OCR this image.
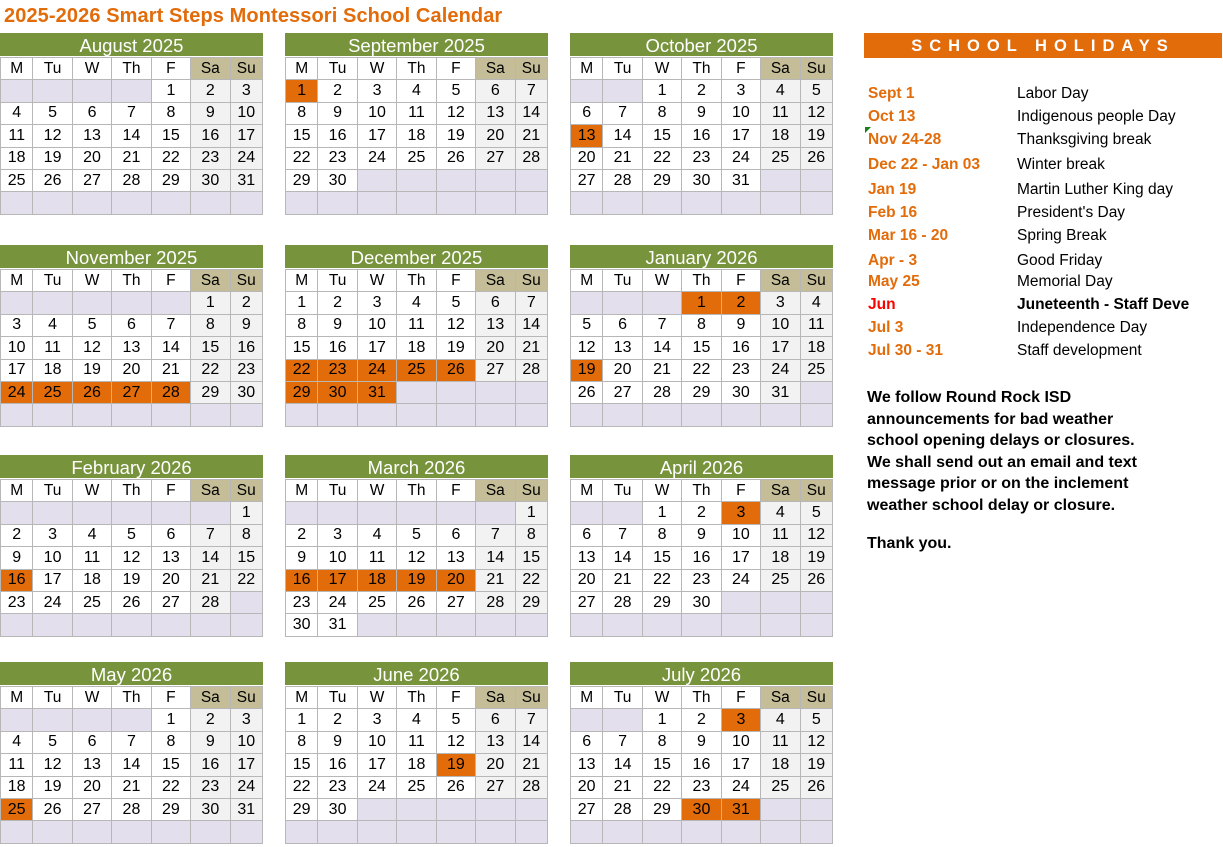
2025-2026 Smart Steps Montessori School Calendar
August 2025
M	Tu	W	Th	F	Sa	Su
				1	2	3
4	5	6	7	8	9	10
11	12	13	14	15	16	17
18	19	20	21	22	23	24
25	26	27	28	29	30	31

September 2025
M	Tu	W	Th	F	Sa	Su
1	2	3	4	5	6	7
8	9	10	11	12	13	14
15	16	17	18	19	20	21
22	23	24	25	26	27	28
29	30					

October 2025
M	Tu	W	Th	F	Sa	Su
		1	2	3	4	5
6	7	8	9	10	11	12
13	14	15	16	17	18	19
20	21	22	23	24	25	26
27	28	29	30	31		

November 2025
M	Tu	W	Th	F	Sa	Su
					1	2
3	4	5	6	7	8	9
10	11	12	13	14	15	16
17	18	19	20	21	22	23
24	25	26	27	28	29	30

December 2025
M	Tu	W	Th	F	Sa	Su
1	2	3	4	5	6	7
8	9	10	11	12	13	14
15	16	17	18	19	20	21
22	23	24	25	26	27	28
29	30	31				

January 2026
M	Tu	W	Th	F	Sa	Su
			1	2	3	4
5	6	7	8	9	10	11
12	13	14	15	16	17	18
19	20	21	22	23	24	25
26	27	28	29	30	31	

February 2026
M	Tu	W	Th	F	Sa	Su
						1
2	3	4	5	6	7	8
9	10	11	12	13	14	15
16	17	18	19	20	21	22
23	24	25	26	27	28	

March 2026
M	Tu	W	Th	F	Sa	Su
						1
2	3	4	5	6	7	8
9	10	11	12	13	14	15
16	17	18	19	20	21	22
23	24	25	26	27	28	29
30	31					
April 2026
M	Tu	W	Th	F	Sa	Su
		1	2	3	4	5
6	7	8	9	10	11	12
13	14	15	16	17	18	19
20	21	22	23	24	25	26
27	28	29	30			

May 2026
M	Tu	W	Th	F	Sa	Su
				1	2	3
4	5	6	7	8	9	10
11	12	13	14	15	16	17
18	19	20	21	22	23	24
25	26	27	28	29	30	31

June 2026
M	Tu	W	Th	F	Sa	Su
1	2	3	4	5	6	7
8	9	10	11	12	13	14
15	16	17	18	19	20	21
22	23	24	25	26	27	28
29	30					

July 2026
M	Tu	W	Th	F	Sa	Su
		1	2	3	4	5
6	7	8	9	10	11	12
13	14	15	16	17	18	19
20	21	22	23	24	25	26
27	28	29	30	31		

SCHOOL HOLIDAYS
Sept 1	Labor Day
Oct 13	Indigenous people Day
Nov 24-28	Thanksgiving break
Dec 22 - Jan 03 Winter break
Jan 19	Martin Luther King day
Feb 16	President's Day
Mar 16 - 20	Spring Break
Apr - 3	Good Friday
May 25	Memorial Day
Jun	Juneteenth - Staff Deve
Jul 3	Independence Day
Jul 30 - 31	Staff development

We follow Round Rock ISD

announcements for bad weather

school opening delays or closures.

We shall send out an email and text

message prior or on the inclement

weather school delay or closure.

Thank you.
